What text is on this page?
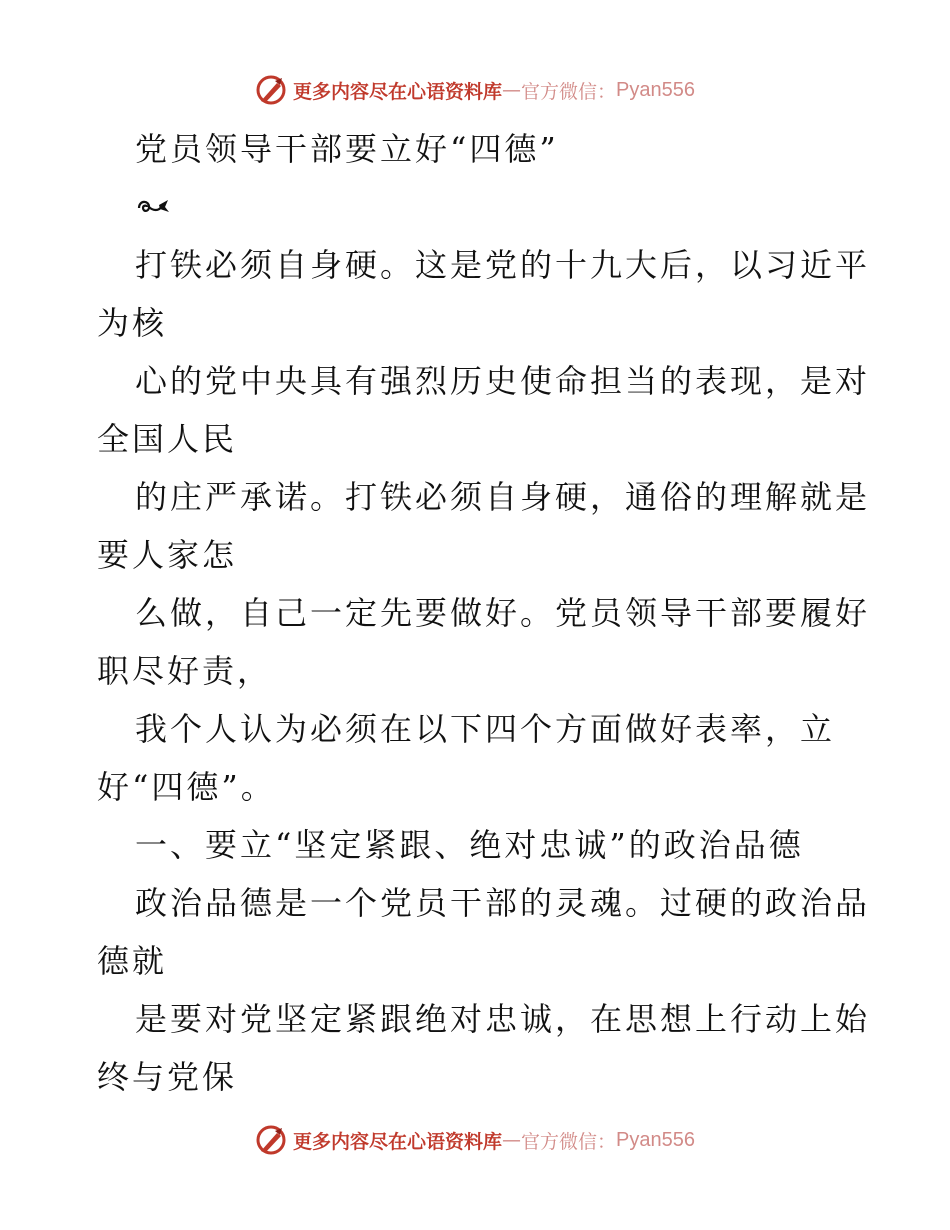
更多内容尽在心语资料库 — 官方微信： Pyan556
党员领导干部要立好“四德”
打铁必须自身硬。这是党的十九大后，以习近平
为核
心的党中央具有强烈历史使命担当的表现，是对
全国人民
的庄严承诺。打铁必须自身硬，通俗的理解就是
要人家怎
么做，自己一定先要做好。党员领导干部要履好
职尽好责，
我个人认为必须在以下四个方面做好表率，立
好“四德”。
一、要立“坚定紧跟、绝对忠诚”的政治品德
政治品德是一个党员干部的灵魂。过硬的政治品
德就
是要对党坚定紧跟绝对忠诚，在思想上行动上始
终与党保
更多内容尽在心语资料库 — 官方微信： Pyan556
